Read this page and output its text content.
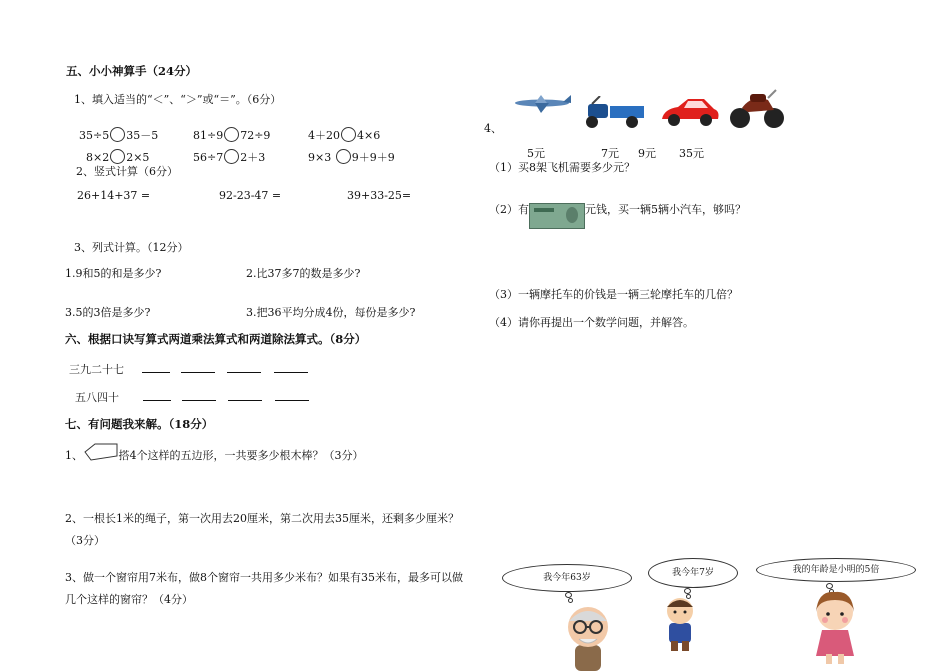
五、小小神算手（24分）
1、填入适当的“＜”、“＞”或“＝”。（6分）
35÷5 35－5	81÷9 72÷9	4＋20 4×6
8×2 2×5	56÷7 2＋3	9×3 9＋9＋9
2、竖式计算（6分）
26+14+37 =	92-23-47 =	39+33-25=
3、列式计算。（12分）
1.9和5的和是多少?	2.比37多7的数是多少?
3.5的3倍是多少?	3.把36平均分成4份，每份是多少?
六、根据口诀写算式两道乘法算式和两道除法算式。（8分）
三九二十七
五八四十
七、有问题我来解。（18分）
1、	搭4个这样的五边形，一共要多少根木棒？（3分）
2、一根长1米的绳子，第一次用去20厘米，第二次用去35厘米，还剩多少厘米？（3分）
3、做一个窗帘用7米布，做8个窗帘一共用多少米布？如果有35米布，最多可以做几个这样的窗帘？（4分）
4、
5元	7元 9元 35元
（1）买8架飞机需要多少元？
（2）有	元钱，买一辆5辆小汽车，够吗？
（3）一辆摩托车的价钱是一辆三轮摩托车的几倍？
（4）请你再提出一个数学问题，并解答。
我今年63岁	我今年7岁	我的年龄是小明的5倍
